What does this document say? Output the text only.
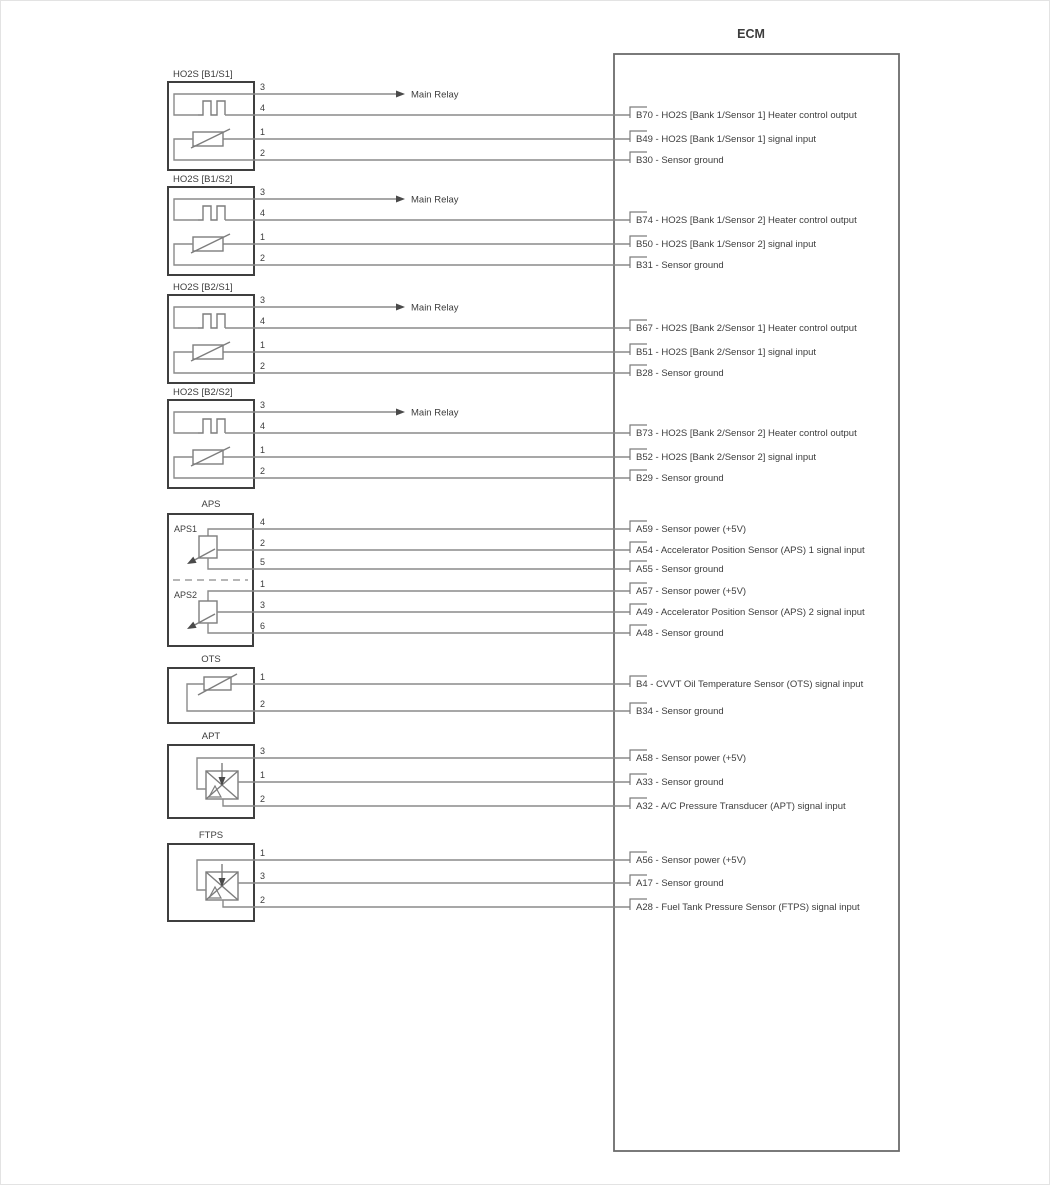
ECM
HO2S [B1/S1]
Main Relay
3
4
1
2
B70 - HO2S [Bank 1/Sensor 1] Heater control output
B49 - HO2S [Bank 1/Sensor 1] signal input
B30 - Sensor ground
HO2S [B1/S2]
Main Relay
3
4
1
2
B74 - HO2S [Bank 1/Sensor 2] Heater control output
B50 - HO2S [Bank 1/Sensor 2] signal input
B31 - Sensor ground
HO2S [B2/S1]
Main Relay
3
4
1
2
B67 - HO2S [Bank 2/Sensor 1] Heater control output
B51 - HO2S [Bank 2/Sensor 1] signal input
B28 - Sensor ground
HO2S [B2/S2]
Main Relay
3
4
1
2
B73 - HO2S [Bank 2/Sensor 2] Heater control output
B52 - HO2S [Bank 2/Sensor 2] signal input
B29 - Sensor ground
APS
APS1
APS2
4
A59 - Sensor power (+5V)
2
A54 - Accelerator Position Sensor (APS) 1 signal input
5
A55 - Sensor ground
1
A57 - Sensor power (+5V)
3
A49 - Accelerator Position Sensor (APS) 2 signal input
6
A48 - Sensor ground
OTS
1
B4 - CVVT Oil Temperature Sensor (OTS) signal input
2
B34 - Sensor ground
APT
3
A58 - Sensor power (+5V)
1
A33 - Sensor ground
2
A32 - A/C Pressure Transducer (APT) signal input
FTPS
1
A56 - Sensor power (+5V)
3
A17 - Sensor ground
2
A28 - Fuel Tank Pressure Sensor (FTPS) signal input
